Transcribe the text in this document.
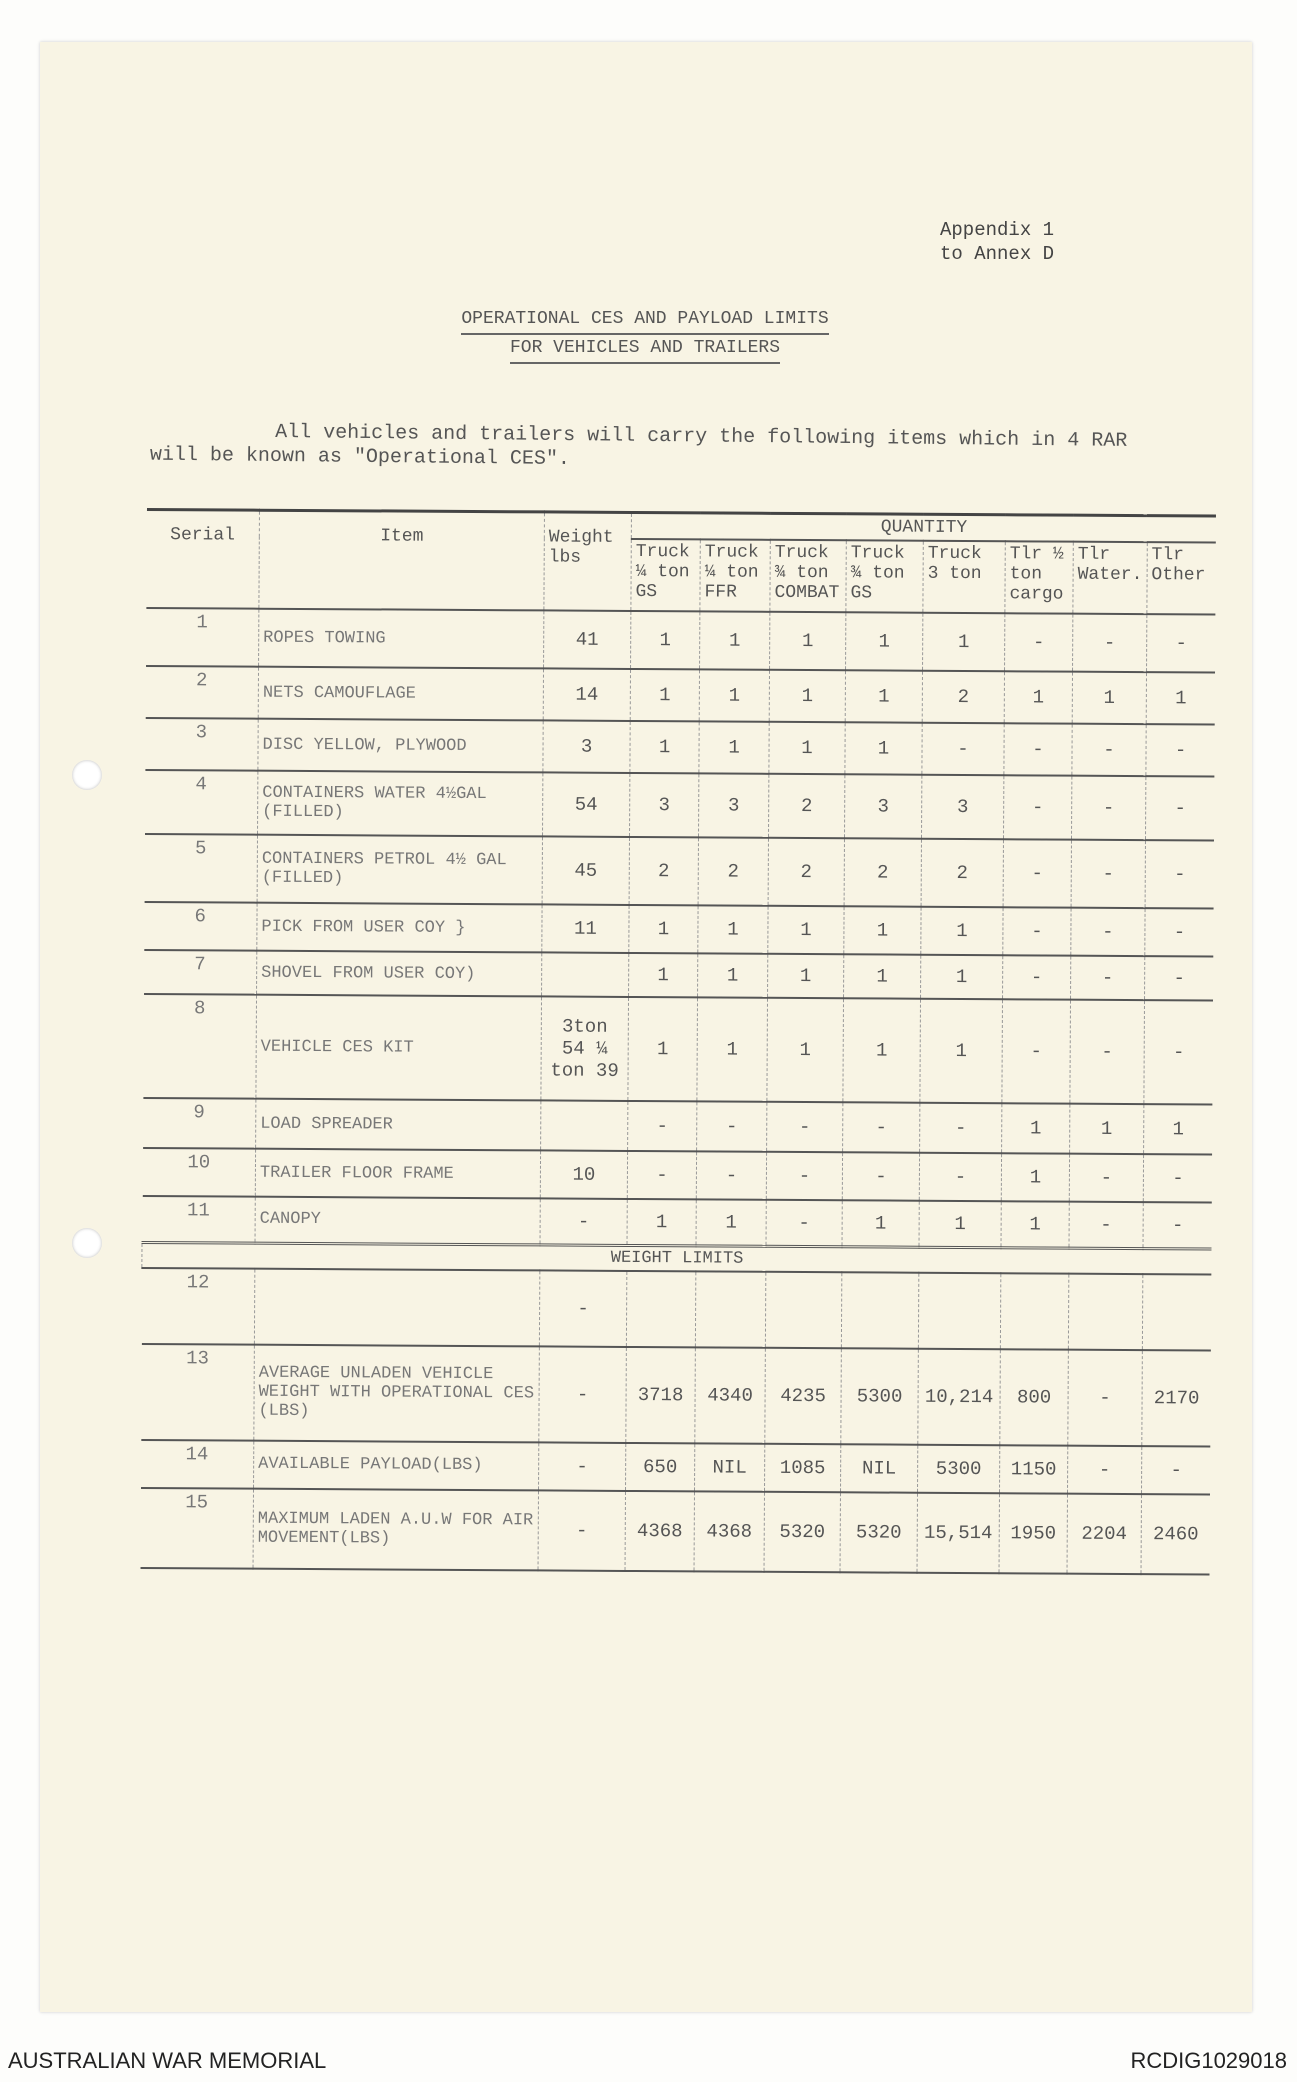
Appendix 1
to Annex D
OPERATIONAL CES AND PAYLOAD LIMITS
FOR VEHICLES AND TRAILERS
All vehicles and trailers will carry the following items which in 4 RAR
will be known as "Operational CES".
Serial	Item	Weight lbs	QUANTITY							
			Truck ¼ ton GS	Truck ¼ ton FFR	Truck ¾ ton COMBAT	Truck ¾ ton GS	Truck 3 ton	Tlr ½ ton cargo	Tlr Water.	Tlr Other
1	ROPES TOWING	41	1	1	1	1	1	-	-	-
2	NETS CAMOUFLAGE	14	1	1	1	1	2	1	1	1
3	DISC YELLOW, PLYWOOD	3	1	1	1	1	-	-	-	-
4	CONTAINERS WATER 4½GAL (FILLED)	54	3	3	2	3	3	-	-	-
5	CONTAINERS PETROL 4½ GAL (FILLED)	45	2	2	2	2	2	-	-	-
6	PICK FROM USER COY }	11	1	1	1	1	1	-	-	-
7	SHOVEL FROM USER COY)		1	1	1	1	1	-	-	-
8	VEHICLE CES KIT	3ton 54 ¼ ton 39	1	1	1	1	1	-	-	-
9	LOAD SPREADER		-	-	-	-	-	1	1	1
10	TRAILER FLOOR FRAME	10	-	-	-	-	-	1	-	-
11	CANOPY	-	1	1	-	1	1	1	-	-
WEIGHT LIMITS										
12		-								
13	AVERAGE UNLADEN VEHICLE WEIGHT WITH OPERATIONAL CES (LBS)	-	3718	4340	4235	5300	10,214	800	-	2170
14	AVAILABLE PAYLOAD(LBS)	-	650	NIL	1085	NIL	5300	1150	-	-
15	MAXIMUM LADEN A.U.W FOR AIR MOVEMENT(LBS)	-	4368	4368	5320	5320	15,514	1950	2204	2460
AUSTRALIAN WAR MEMORIAL	RCDIG1029018
